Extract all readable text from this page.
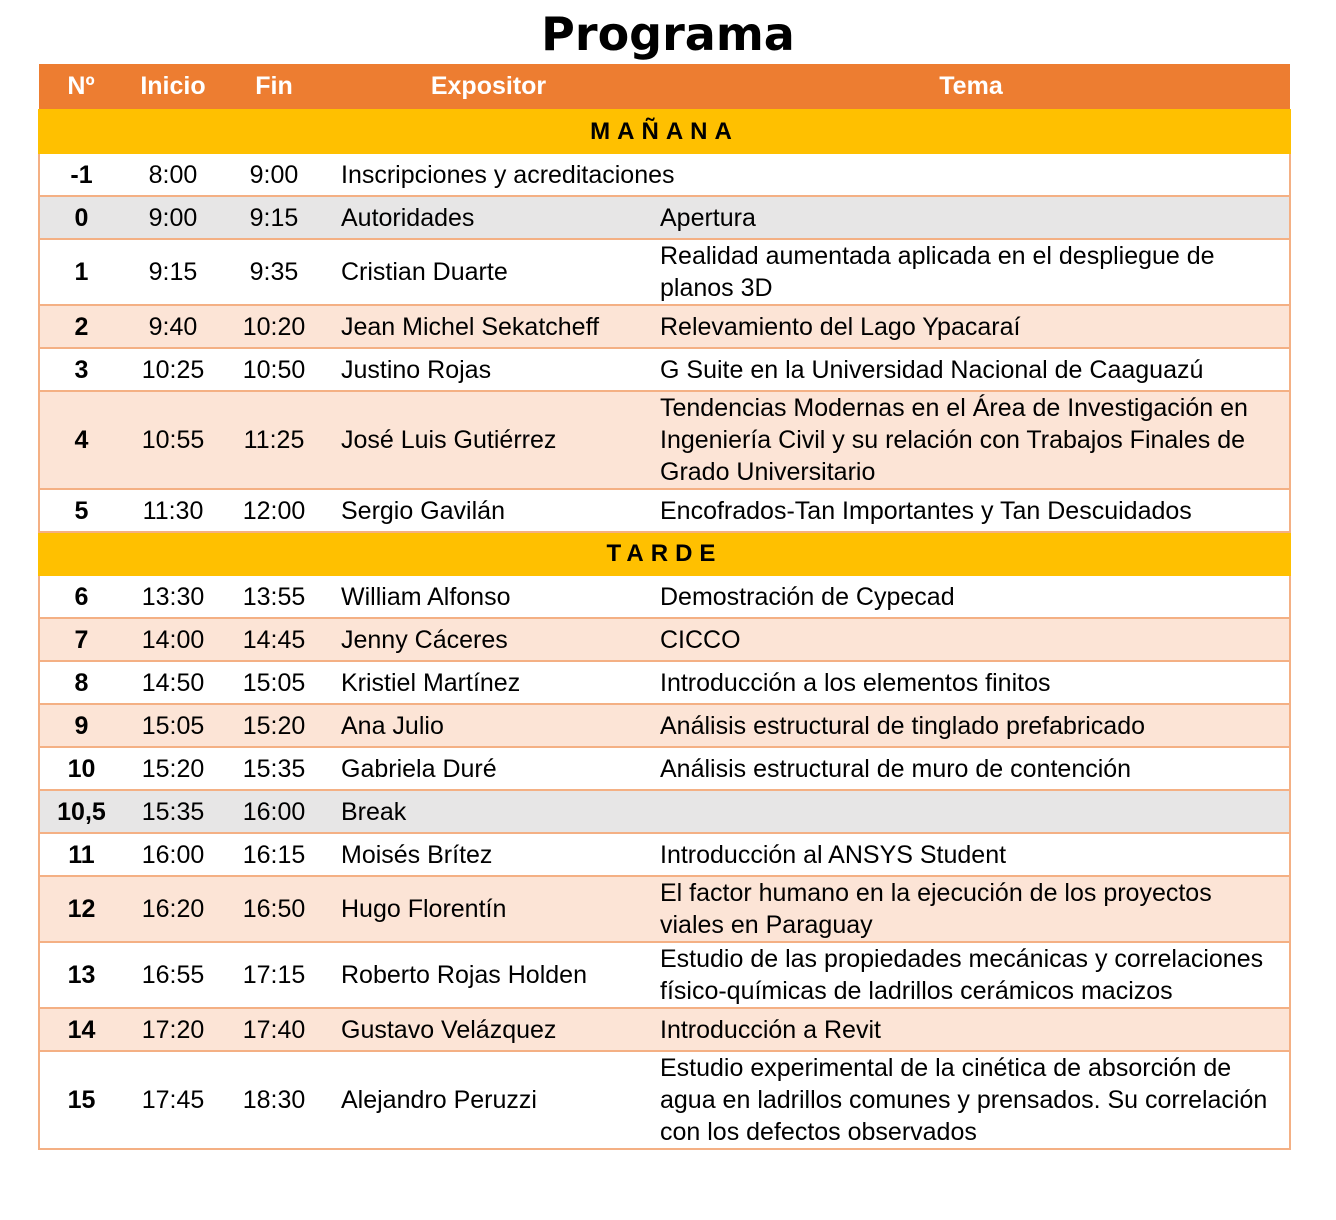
Programa
Nº	Inicio	Fin	Expositor	Tema
MAÑANA				
-1	8:00	9:00	Inscripciones y acreditaciones	
0	9:00	9:15	Autoridades	Apertura
1	9:15	9:35	Cristian Duarte	Realidad aumentada aplicada en el despliegue de planos 3D
2	9:40	10:20	Jean Michel Sekatcheff	Relevamiento del Lago Ypacaraí
3	10:25	10:50	Justino Rojas	G Suite en la Universidad Nacional de Caaguazú
4	10:55	11:25	José Luis Gutiérrez	Tendencias Modernas en el Área de Investigación en Ingeniería Civil y su relación con Trabajos Finales de Grado Universitario
5	11:30	12:00	Sergio Gavilán	Encofrados-Tan Importantes y Tan Descuidados
TARDE				
6	13:30	13:55	William Alfonso	Demostración de Cypecad
7	14:00	14:45	Jenny Cáceres	CICCO
8	14:50	15:05	Kristiel Martínez	Introducción a los elementos finitos
9	15:05	15:20	Ana Julio	Análisis estructural de tinglado prefabricado
10	15:20	15:35	Gabriela Duré	Análisis estructural de muro de contención
10,5	15:35	16:00	Break	
11	16:00	16:15	Moisés Brítez	Introducción al ANSYS Student
12	16:20	16:50	Hugo Florentín	El factor humano en la ejecución de los proyectos viales en Paraguay
13	16:55	17:15	Roberto Rojas Holden	Estudio de las propiedades mecánicas y correlaciones físico-químicas de ladrillos cerámicos macizos
14	17:20	17:40	Gustavo Velázquez	Introducción a Revit
15	17:45	18:30	Alejandro Peruzzi	Estudio experimental de la cinética de absorción de agua en ladrillos comunes y prensados. Su correlación con los defectos observados
